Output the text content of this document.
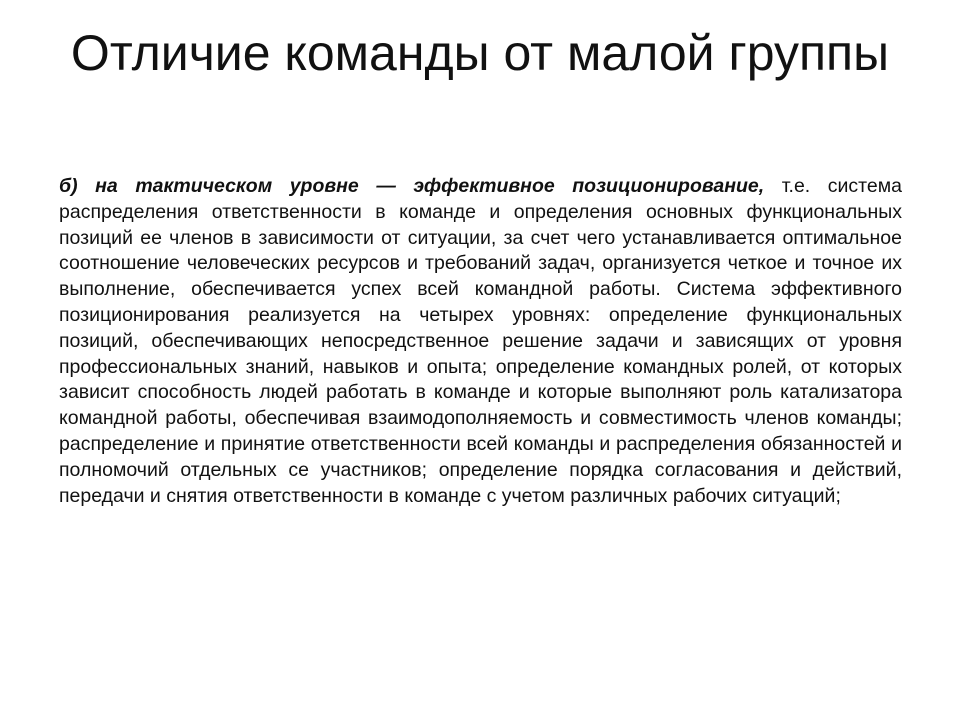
Отличие команды от малой группы

б) на тактическом уровне — эффективное позиционирование, т.е. система распределения ответственности в команде и определения основных функциональных позиций ее членов в зависимости от ситуации, за счет чего устанавливается оптимальное соотношение человеческих ресурсов и требований задач, организуется четкое и точное их выполнение, обеспечивается успех всей командной работы. Система эффективного позиционирования реализуется на четырех уровнях: определение функциональных позиций, обеспечивающих непосредственное решение задачи и зависящих от уровня профессиональных знаний, навыков и опыта; определение командных ролей, от которых зависит способность людей работать в команде и которые выполняют роль катализатора командной работы, обеспечивая взаимодополняемость и совместимость членов команды; распределение и принятие ответственности всей команды и распределения обязанностей и полномочий отдельных се участников; определение порядка согласования и действий, передачи и снятия ответственности в команде с учетом различных рабочих ситуаций;
